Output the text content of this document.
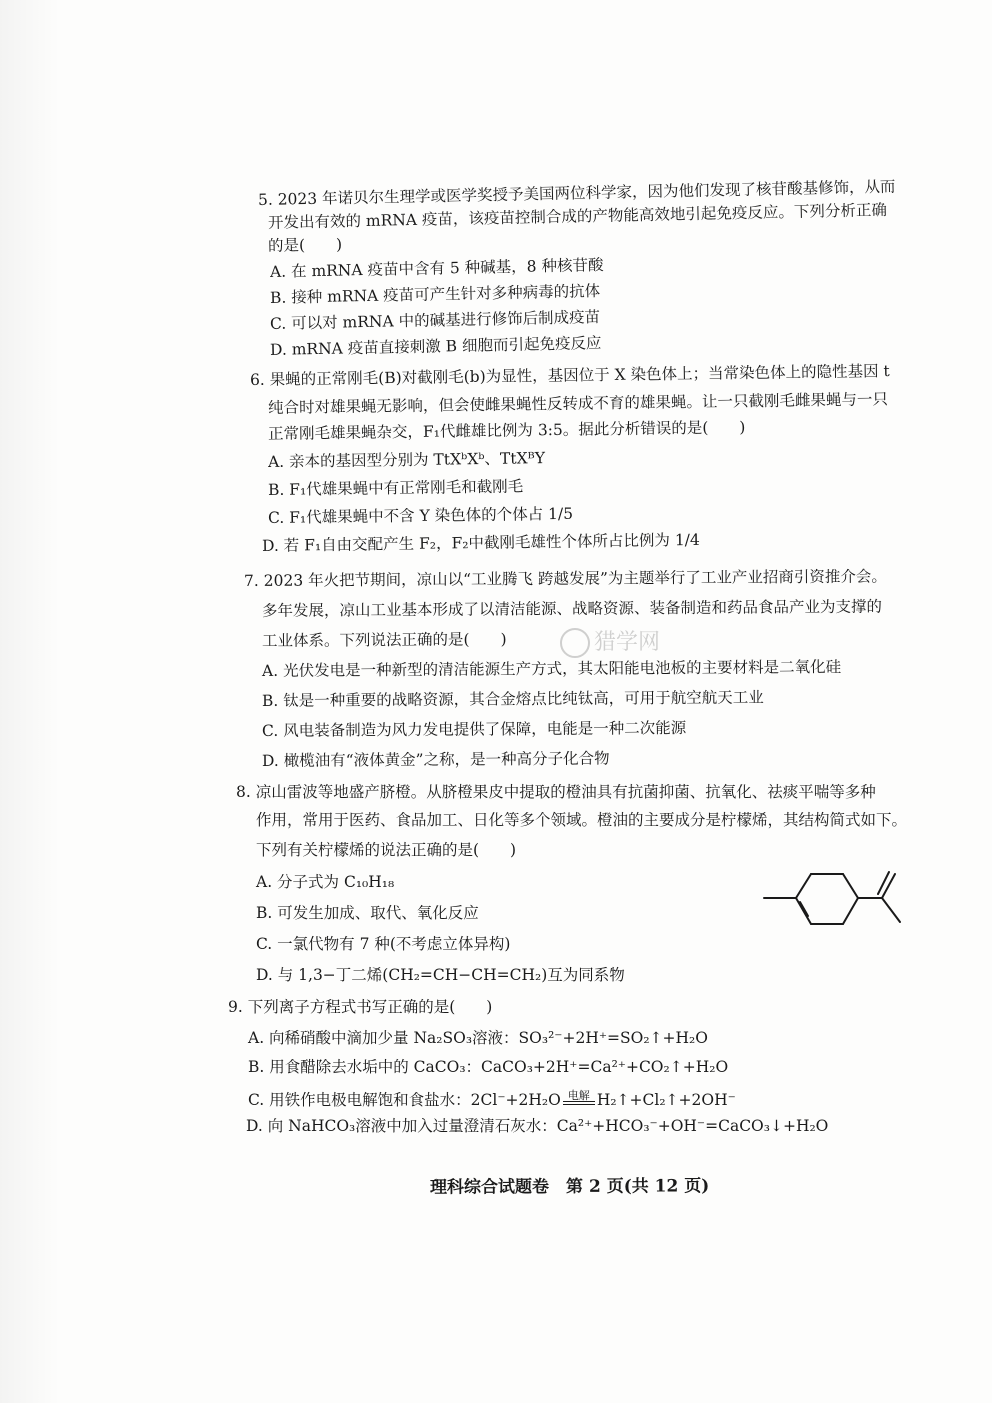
猎学网
5. 2023 年诺贝尔生理学或医学奖授予美国两位科学家，因为他们发现了核苷酸基修饰，从而
开发出有效的 mRNA 疫苗，该疫苗控制合成的产物能高效地引起免疫反应。下列分析正确
的是(　　)
A. 在 mRNA 疫苗中含有 5 种碱基，8 种核苷酸
B. 接种 mRNA 疫苗可产生针对多种病毒的抗体
C. 可以对 mRNA 中的碱基进行修饰后制成疫苗
D. mRNA 疫苗直接刺激 B 细胞而引起免疫反应
6. 果蝇的正常刚毛(B)对截刚毛(b)为显性，基因位于 X 染色体上；当常染色体上的隐性基因 t
纯合时对雄果蝇无影响，但会使雌果蝇性反转成不育的雄果蝇。让一只截刚毛雌果蝇与一只
正常刚毛雄果蝇杂交，F₁代雌雄比例为 3:5。据此分析错误的是(　　)
A. 亲本的基因型分别为 TtXᵇXᵇ、TtXᴮY
B. F₁代雄果蝇中有正常刚毛和截刚毛
C. F₁代雄果蝇中不含 Y 染色体的个体占 1/5
D. 若 F₁自由交配产生 F₂，F₂中截刚毛雄性个体所占比例为 1/4
7. 2023 年火把节期间，凉山以“工业腾飞 跨越发展”为主题举行了工业产业招商引资推介会。
多年发展，凉山工业基本形成了以清洁能源、战略资源、装备制造和药品食品产业为支撑的
工业体系。下列说法正确的是(　　)
A. 光伏发电是一种新型的清洁能源生产方式，其太阳能电池板的主要材料是二氧化硅
B. 钛是一种重要的战略资源，其合金熔点比纯钛高，可用于航空航天工业
C. 风电装备制造为风力发电提供了保障，电能是一种二次能源
D. 橄榄油有“液体黄金”之称，是一种高分子化合物
8. 凉山雷波等地盛产脐橙。从脐橙果皮中提取的橙油具有抗菌抑菌、抗氧化、祛痰平喘等多种
作用，常用于医药、食品加工、日化等多个领域。橙油的主要成分是柠檬烯，其结构简式如下。
下列有关柠檬烯的说法正确的是(　　)
A. 分子式为 C₁₀H₁₈
B. 可发生加成、取代、氧化反应
C. 一氯代物有 7 种(不考虑立体异构)
D. 与 1,3−丁二烯(CH₂=CH−CH=CH₂)互为同系物
9. 下列离子方程式书写正确的是(　　)
A. 向稀硝酸中滴加少量 Na₂SO₃溶液：SO₃²⁻+2H⁺=SO₂↑+H₂O
B. 用食醋除去水垢中的 CaCO₃：CaCO₃+2H⁺=Ca²⁺+CO₂↑+H₂O
C. 用铁作电极电解饱和食盐水：2Cl⁻+2H₂O 电解 H₂↑+Cl₂↑+2OH⁻
D. 向 NaHCO₃溶液中加入过量澄清石灰水：Ca²⁺+HCO₃⁻+OH⁻=CaCO₃↓+H₂O
理科综合试题卷　第 2 页(共 12 页)
